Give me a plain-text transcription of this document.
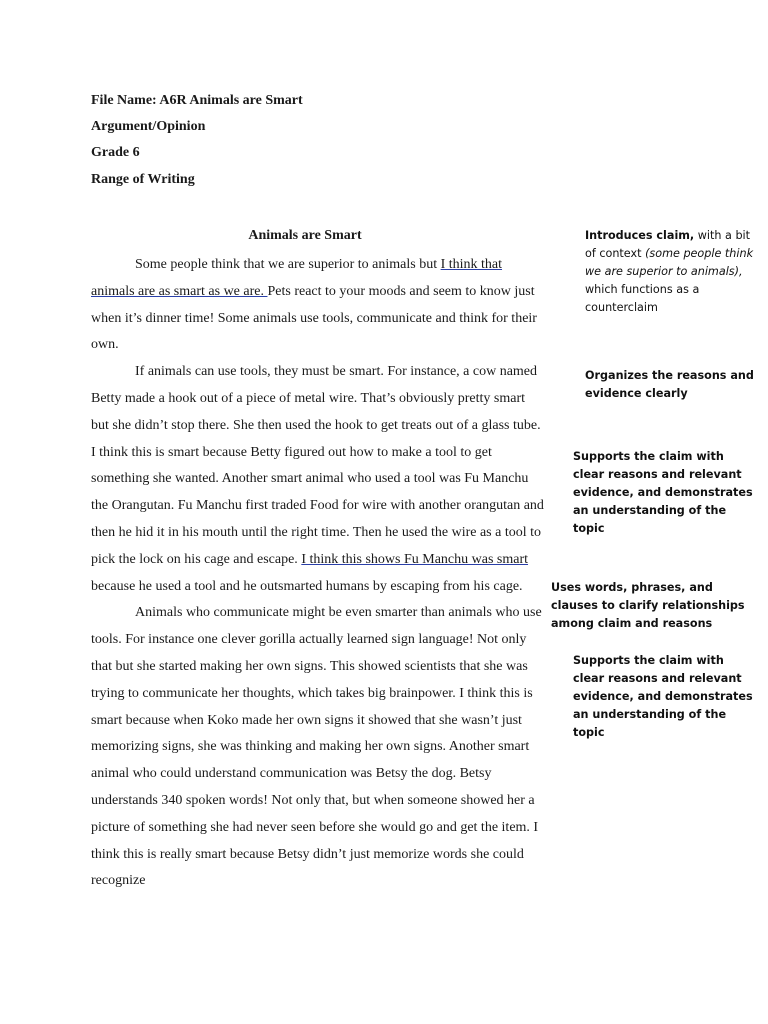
File Name: A6R Animals are Smart
Argument/Opinion
Grade 6
Range of Writing
Animals are Smart

Some people think that we are superior to animals but I think that animals are as smart as we are. Pets react to your moods and seem to know just when it’s dinner time! Some animals use tools, communicate and think for their own.

If animals can use tools, they must be smart. For instance, a cow named Betty made a hook out of a piece of metal wire. That’s obviously pretty smart but she didn’t stop there. She then used the hook to get treats out of a glass tube. I think this is smart because Betty figured out how to make a tool to get something she wanted. Another smart animal who used a tool was Fu Manchu the Orangutan. Fu Manchu first traded Food for wire with another orangutan and then he hid it in his mouth until the right time. Then he used the wire as a tool to pick the lock on his cage and escape. I think this shows Fu Manchu was smart because he used a tool and he outsmarted humans by escaping from his cage.

Animals who communicate might be even smarter than animals who use tools. For instance one clever gorilla actually learned sign language! Not only that but she started making her own signs. This showed scientists that she was trying to communicate her thoughts, which takes big brainpower. I think this is smart because when Koko made her own signs it showed that she wasn’t just memorizing signs, she was thinking and making her own signs. Another smart animal who could understand communication was Betsy the dog. Betsy understands 340 spoken words! Not only that, but when someone showed her a picture of something she had never seen before she would go and get the item. I think this is really smart because Betsy didn’t just memorize words she could recognize

Introduces claim, with a bit of context (some people think we are superior to animals), which functions as a counterclaim
Organizes the reasons and evidence clearly
Supports the claim with clear reasons and relevant evidence, and demonstrates an understanding of the topic
Uses words, phrases, and clauses to clarify relationships among claim and reasons
Supports the claim with clear reasons and relevant evidence, and demonstrates an understanding of the topic
